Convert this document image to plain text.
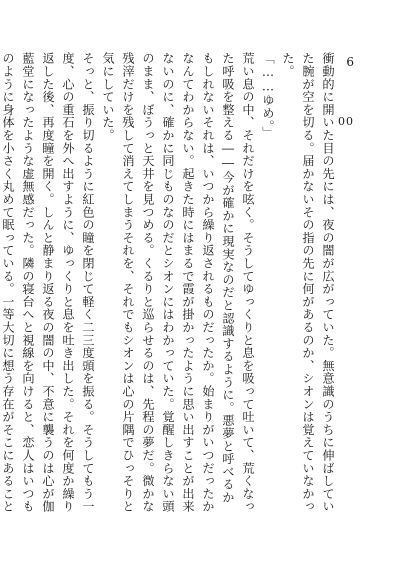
6
00

衝動的に開いた目の先には、夜の闇が広がっていた。無意識のうちに伸ばしていた腕が空を切る。届かないその指の先に何があるのか、シオンは覚えていなかった。

「……ゆめ。」

荒い息の中、それだけを呟く。そうしてゆっくりと息を吸って吐いて、荒くなった呼吸を整える――今が確かに現実なのだと認識するように。悪夢と呼べるかもしれないそれは、いつから繰り返されるものだったか。始まりがいつだったかなんてわからない。起きた時にはまるで霞が掛かったように思い出すことが出来ないのに、確かに同じものなのだとシオンにはわかっていた。覚醒しきらない頭のまま、ぼうっと天井を見つめる。くるりと巡らせるのは、先程の夢だ。微かな残滓だけを残して消えてしまうそれを、それでもシオンは心の片隅でひっそりと気にしていた。

そっと、振り切るように紅色の瞳を閉じて軽く二三度頭を振る。そうしてもう一度、心の重石を外へ出すように、ゆっくりと息を吐き出した。それを何度か繰り返した後、再度瞳を開く。しんと静まり返る夜の闇の中、不意に襲うのは心が伽藍堂になったような虚無感だった。隣の寝台へと視線を向けると、恋人はいつものように身体を小さく丸めて眠っている。一等大切に想う存在がそこにあること
